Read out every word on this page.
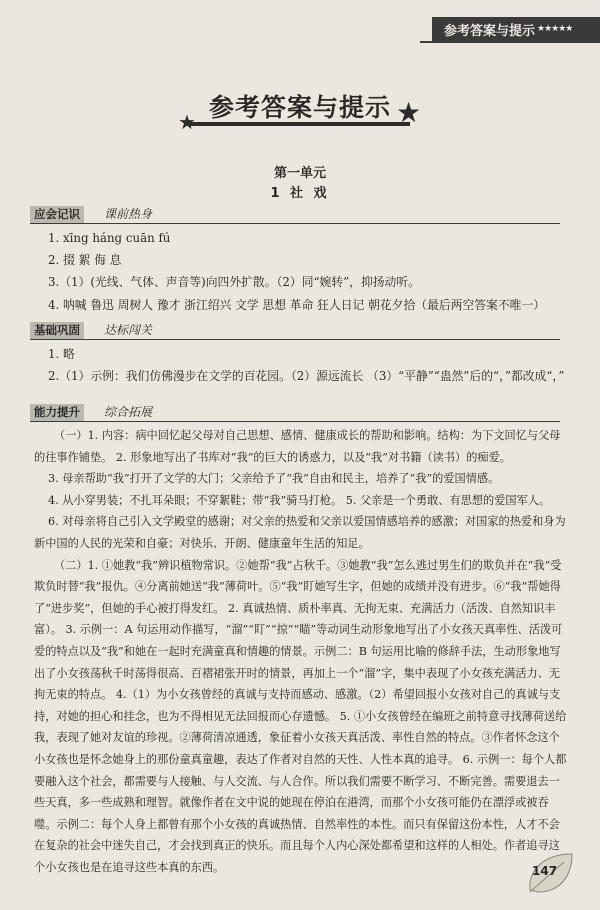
参考答案与提示 ★★★★★
参考答案与提示
★	★
第一单元
1 社 戏
应会记识	课前热身

1. xīng háng cuān fú

2. 掇 絮 侮 息

3.（1）(光线、气体、声音等)向四外扩散。（2）同“婉转”，抑扬动听。

4. 呐喊 鲁迅 周树人 豫才 浙江绍兴 文学 思想 革命 狂人日记 朝花夕拾（最后两空答案不唯一）

基础巩固	达标闯关

1. 略

2.（1）示例：我们仿佛漫步在文学的百花园。（2）源远流长 （3）“平静”“蛊然”后的“，”都改成“，”

能力提升	综合拓展

（一）1. 内容：病中回忆起父母对自己思想、感情、健康成长的帮助和影响。结构：为下文回忆与父母的往事作铺垫。 2. 形象地写出了书库对“我”的巨大的诱惑力，以及“我”对书籍（读书）的痴爱。

3. 母亲帮助“我”打开了文学的大门；父亲给予了“我”自由和民主，培养了“我”的爱国情感。

4. 从小穿男装；不扎耳朵眼；不穿絮鞋；带“我”骑马打枪。 5. 父亲是一个勇敢、有思想的爱国军人。

6. 对母亲将自己引入文学殿堂的感谢；对父亲的热爱和父亲以爱国情感培养的感激；对国家的热爱和身为新中国的人民的光荣和自豪；对快乐、开朗、健康童年生活的知足。

（二）1. ①她教“我”辨识植物常识。②她帮“我”占秋千。③她教“我”怎么逃过男生们的欺负并在“我”受欺负时替“我”报仇。④分离前她送“我”薄荷叶。⑤“我”盯她写生字，但她的成绩并没有进步。⑥“我”帮她得了“进步奖”，但她的手心被打得发红。 2. 真诚热情、质朴率真、无拘无束、充满活力（活泼、自然知识丰富）。 3. 示例一：A 句运用动作描写，“溜”“盯”“掠”“瞄”等动词生动形象地写出了小女孩天真率性、活泼可爱的特点以及“我”和她在一起时充满童真和情趣的情景。示例二：B 句运用比喻的修辞手法，生动形象地写出了小女孩荡秋千时荡得很高、百褶裙张开时的情景，再加上一个“溜”字，集中表现了小女孩充满活力、无拘无束的特点。 4.（1）为小女孩曾经的真诚与支持而感动、感激。（2）希望回报小女孩对自己的真诚与支持，对她的担心和挂念，也为不得相见无法回报而心存遗憾。 5. ①小女孩曾经在编班之前特意寻找薄荷送给我，表现了她对友谊的珍视。②薄荷清凉通透，象征着小女孩天真活泼、率性自然的特点。③作者怀念这个小女孩也是怀念她身上的那份童真童趣，表达了作者对自然的天性、人性本真的追寻。 6. 示例一：每个人都要融入这个社会，都需要与人接触、与人交流、与人合作。所以我们需要不断学习、不断完善。需要退去一些天真，多一些成熟和理智。就像作者在文中说的她现在停泊在港湾，而那个小女孩可能仍在漂浮或被吞噬。示例二：每个人身上都曾有那个小女孩的真诚热情、自然率性的本性。而只有保留这份本性，人才不会在复杂的社会中迷失自己，才会找到真正的快乐。而且每个人内心深处都希望和这样的人相处。作者追寻这个小女孩也是在追寻这些本真的东西。	147
